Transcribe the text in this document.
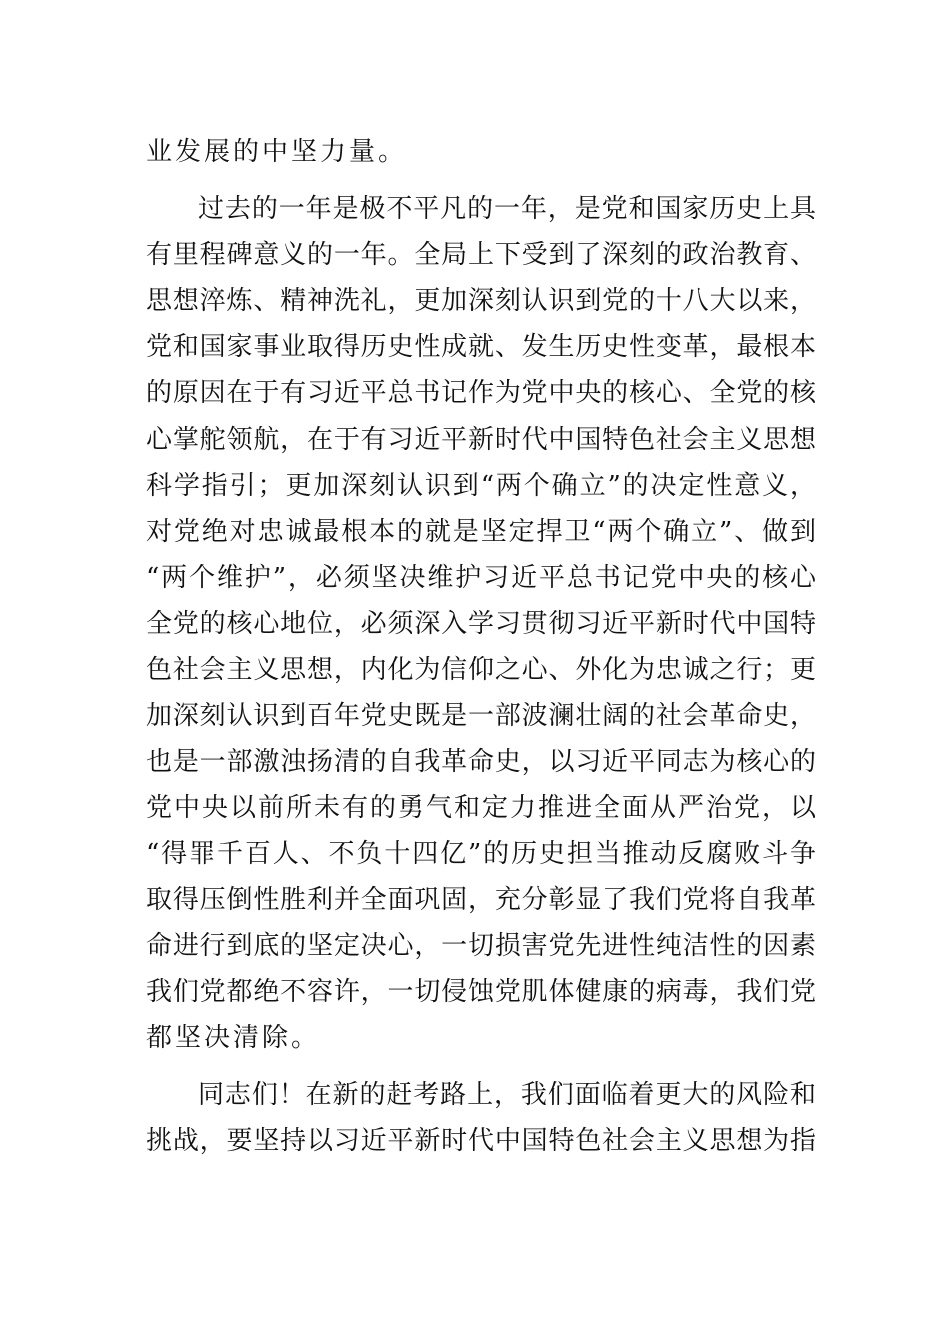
业发展的中坚力量。
过去的一年是极不平凡的一年，是党和国家历史上具
有里程碑意义的一年。全局上下受到了深刻的政治教育、
思想淬炼、精神洗礼，更加深刻认识到党的十八大以来，
党和国家事业取得历史性成就、发生历史性变革，最根本
的原因在于有习近平总书记作为党中央的核心、全党的核
心掌舵领航，在于有习近平新时代中国特色社会主义思想
科学指引；更加深刻认识到“两个确立”的决定性意义，
对党绝对忠诚最根本的就是坚定捍卫“两个确立”、做到
“两个维护”，必须坚决维护习近平总书记党中央的核心
全党的核心地位，必须深入学习贯彻习近平新时代中国特
色社会主义思想，内化为信仰之心、外化为忠诚之行；更
加深刻认识到百年党史既是一部波澜壮阔的社会革命史，
也是一部激浊扬清的自我革命史，以习近平同志为核心的
党中央以前所未有的勇气和定力推进全面从严治党，以
“得罪千百人、不负十四亿”的历史担当推动反腐败斗争
取得压倒性胜利并全面巩固，充分彰显了我们党将自我革
命进行到底的坚定决心，一切损害党先进性纯洁性的因素
我们党都绝不容许，一切侵蚀党肌体健康的病毒，我们党
都坚决清除。
同志们！在新的赶考路上，我们面临着更大的风险和
挑战，要坚持以习近平新时代中国特色社会主义思想为指
